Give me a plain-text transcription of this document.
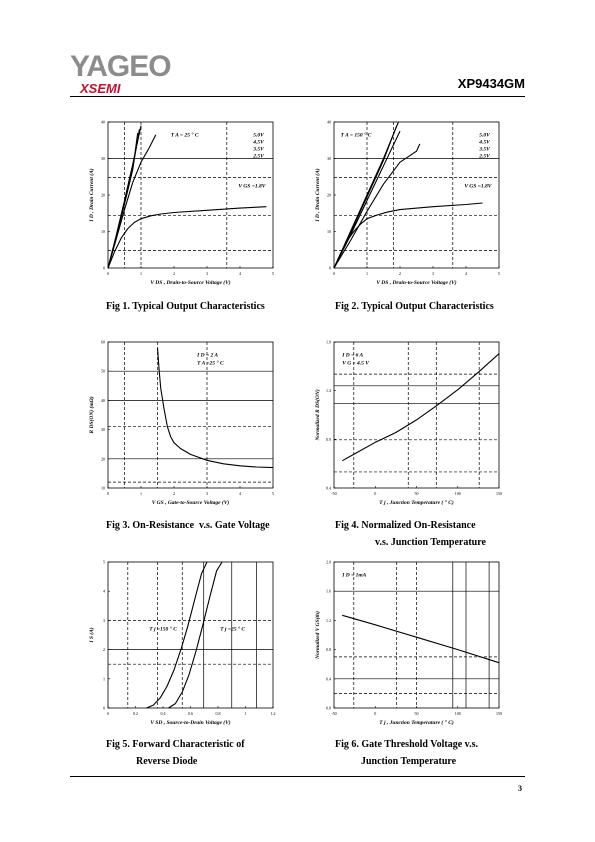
YAGEO
XSEMI	XP9434GM
0	1	2	3	4	5
0
10
20
30
40
V DS , Drain-to-Source Voltage (V)
I D , Drain Current (A)
T A = 25 ° C	5.0V
4.5V
3.5V
2.5V
V GS =1.8V
0	1	2	3	4	5
0
10
20
30
40
V DS , Drain-to-Source Voltage (V)
I D , Drain Current (A)
T A = 150 ° C	5.0V
4.5V
3.5V
2.5V
V GS =1.8V
0	1	2	3	4	5
10
20
30
40
50
60
V GS , Gate-to-Source Voltage (V)
R DS(ON) (mΩ)
I D = 2 A
T A =25 ° C
-50	0	50	100	150
0.4
0.9
1.4
1.9
T j , Junction Temperature ( ° C)
Normalized R DS(ON)
I D = 6 A
V G = 4.5 V
0	0.2	0.4	0.6	0.8	1	1.2
0
1
2
3
4
5
V SD , Source-to-Drain Voltage (V)
I S (A)	T j =150 ° C	T j =25 ° C
-50	0	50	100	150
0.0
0.4
0.8
1.2
1.6
2.0
T j , Junction Temperature ( ° C)
Normalized V GS(th)
I D = 1mA
Fig 1. Typical Output Characteristics	Fig 2. Typical Output Characteristics
Fig 3. On-Resistance  v.s. Gate Voltage	Fig 4. Normalized On-Resistance
v.s. Junction Temperature
Fig 5. Forward Characteristic of
Reverse Diode
Fig 6. Gate Threshold Voltage v.s.
Junction Temperature
3
